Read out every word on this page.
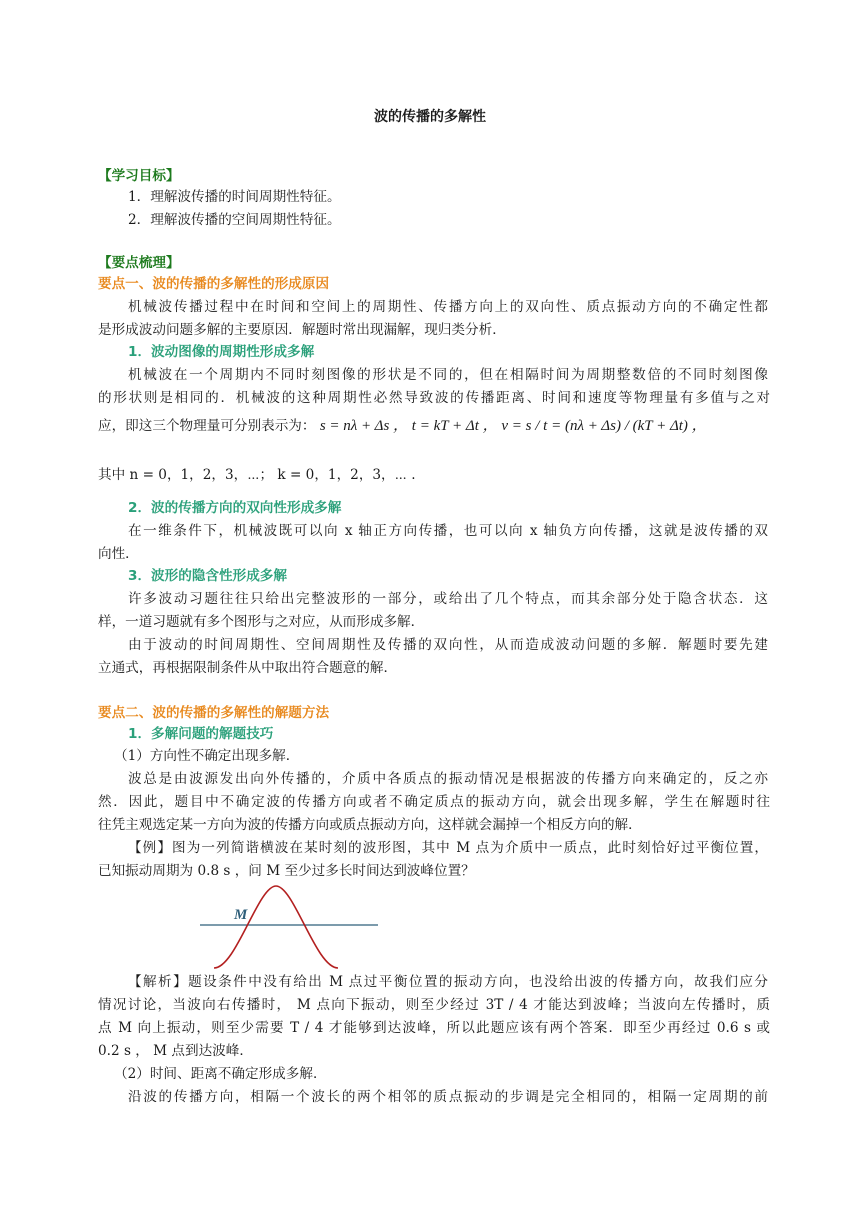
波的传播的多解性
【学习目标】
1．理解波传播的时间周期性特征。
2．理解波传播的空间周期性特征。
【要点梳理】
要点一、波的传播的多解性的形成原因
机械波传播过程中在时间和空间上的周期性、传播方向上的双向性、质点振动方向的不确定性都
是形成波动问题多解的主要原因．解题时常出现漏解，现归类分析．
1．波动图像的周期性形成多解
机械波在一个周期内不同时刻图像的形状是不同的，但在相隔时间为周期整数倍的不同时刻图像
的形状则是相同的．机械波的这种周期性必然导致波的传播距离、时间和速度等物理量有多值与之对
应，即这三个物理量可分别表示为： s = nλ + Δs ， t = kT + Δt ， v = s / t = (nλ + Δs) / (kT + Δt) ，
其中 n = 0，1，2，3，⋯； k = 0，1，2，3，⋯ .
2．波的传播方向的双向性形成多解
在一维条件下，机械波既可以向 x 轴正方向传播，也可以向 x 轴负方向传播，这就是波传播的双
向性．
3．波形的隐含性形成多解
许多波动习题往往只给出完整波形的一部分，或给出了几个特点，而其余部分处于隐含状态．这
样，一道习题就有多个图形与之对应，从而形成多解．
由于波动的时间周期性、空间周期性及传播的双向性，从而造成波动问题的多解．解题时要先建
立通式，再根据限制条件从中取出符合题意的解．
要点二、波的传播的多解性的解题方法
1．多解问题的解题技巧
（1）方向性不确定出现多解．
波总是由波源发出向外传播的，介质中各质点的振动情况是根据波的传播方向来确定的，反之亦
然．因此，题目中不确定波的传播方向或者不确定质点的振动方向，就会出现多解，学生在解题时往
往凭主观选定某一方向为波的传播方向或质点振动方向，这样就会漏掉一个相反方向的解．
【例】图为一列简谐横波在某时刻的波形图，其中 M 点为介质中一质点，此时刻恰好过平衡位置，
已知振动周期为 0.8 s ，问 M 至少过多长时间达到波峰位置？
M
【解析】题设条件中没有给出 M 点过平衡位置的振动方向，也没给出波的传播方向，故我们应分
情况讨论，当波向右传播时， M 点向下振动，则至少经过 3T / 4 才能达到波峰；当波向左传播时，质
点 M 向上振动，则至少需要 T / 4 才能够到达波峰，所以此题应该有两个答案．即至少再经过 0.6 s 或
0.2 s ， M 点到达波峰．
（2）时间、距离不确定形成多解．
沿波的传播方向，相隔一个波长的两个相邻的质点振动的步调是完全相同的，相隔一定周期的前
